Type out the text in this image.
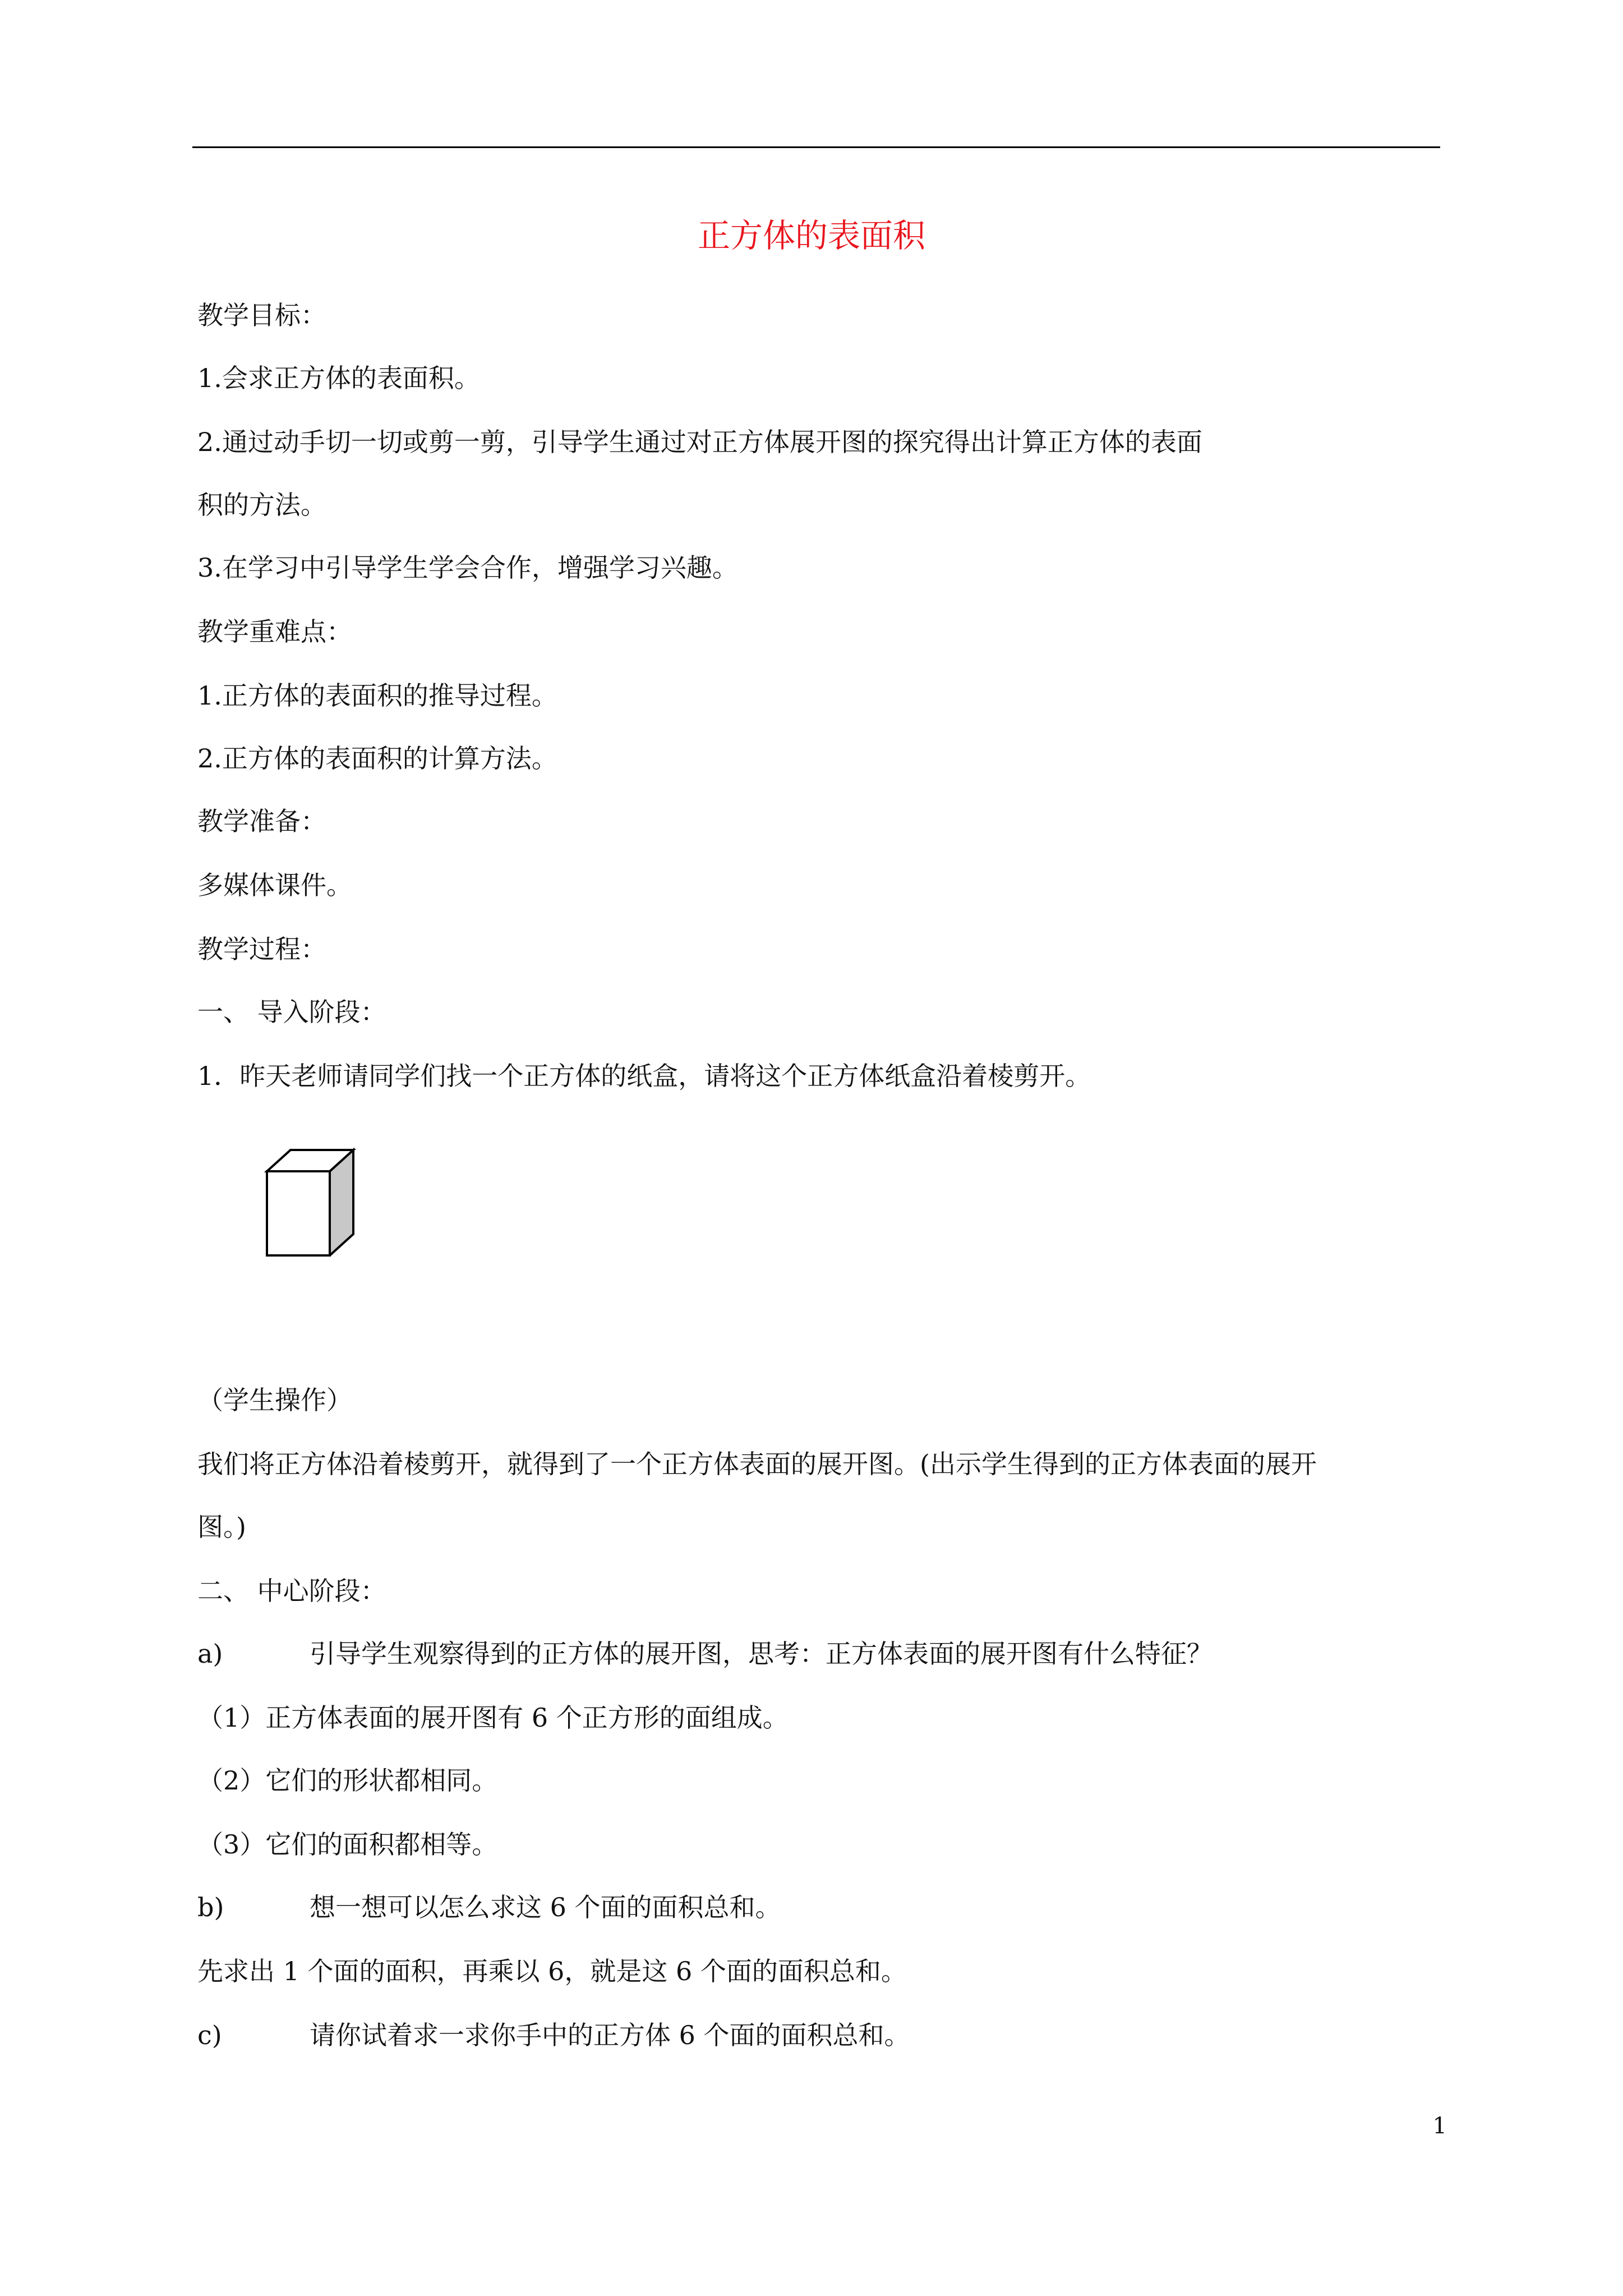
正方体的表面积
教学目标：
1.会求正方体的表面积。
2.通过动手切一切或剪一剪，引导学生通过对正方体展开图的探究得出计算正方体的表面
积的方法。
3.在学习中引导学生学会合作，增强学习兴趣。
教学重难点：
1.正方体的表面积的推导过程。
2.正方体的表面积的计算方法。
教学准备：
多媒体课件。
教学过程：
一、 导入阶段：
1．昨天老师请同学们找一个正方体的纸盒，请将这个正方体纸盒沿着棱剪开。
（学生操作）
我们将正方体沿着棱剪开，就得到了一个正方体表面的展开图。(出示学生得到的正方体表面的展开
图。)
二、 中心阶段：
a)	引导学生观察得到的正方体的展开图，思考：正方体表面的展开图有什么特征？
（1）正方体表面的展开图有 6 个正方形的面组成。
（2）它们的形状都相同。
（3）它们的面积都相等。
b)	想一想可以怎么求这 6 个面的面积总和。
先求出 1 个面的面积，再乘以 6，就是这 6 个面的面积总和。
c)	请你试着求一求你手中的正方体 6 个面的面积总和。
1
